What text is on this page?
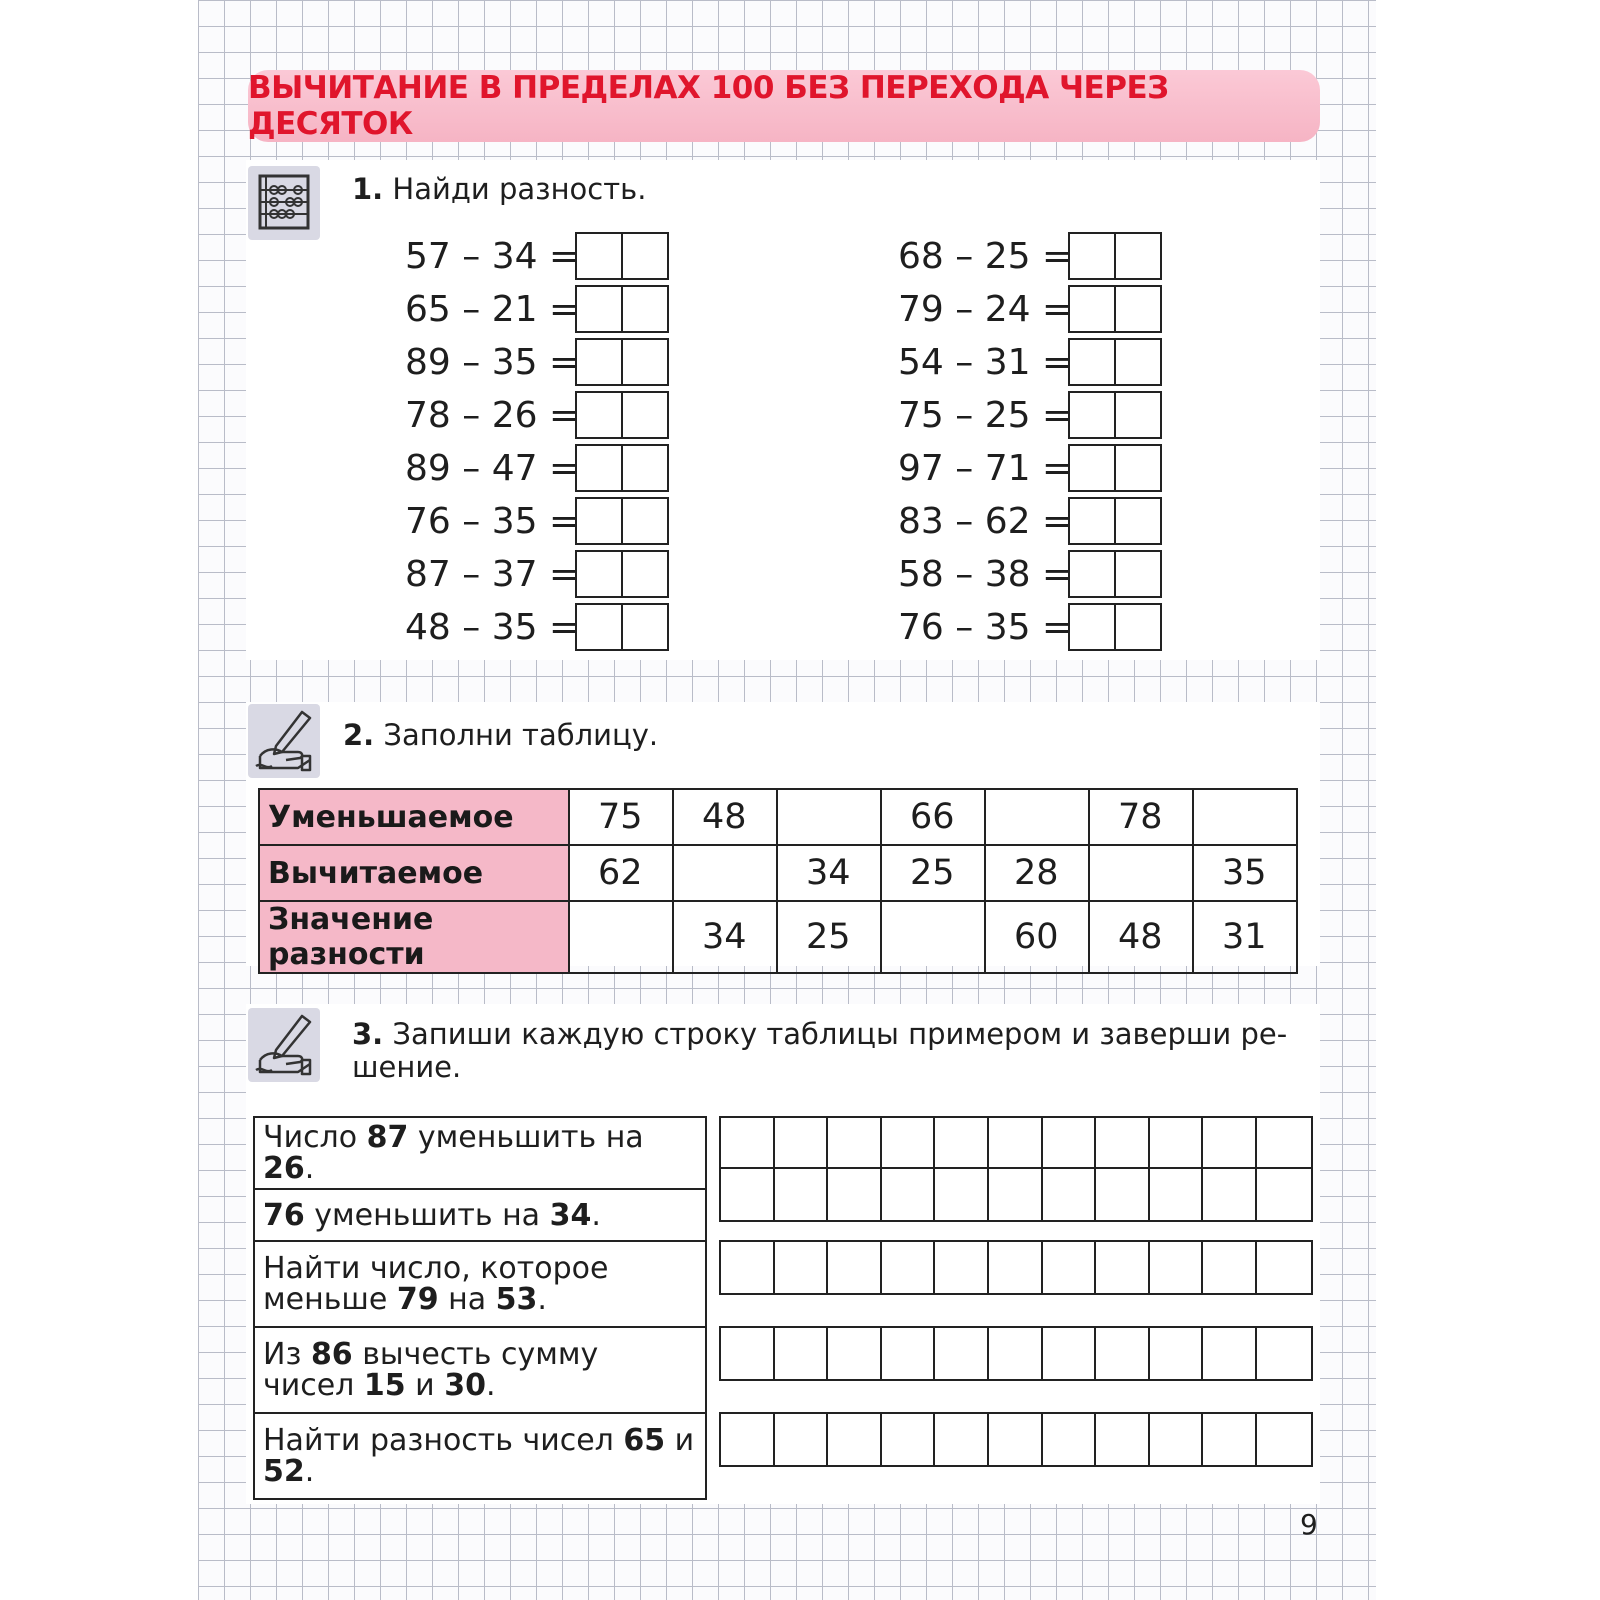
ВЫЧИТАНИЕ В ПРЕДЕЛАХ 100 БЕЗ ПЕРЕХОДА ЧЕРЕЗ ДЕСЯТОК
1. Найди разность.
57 – 34 =
65 – 21 =
89 – 35 =
78 – 26 =
89 – 47 =
76 – 35 =
87 – 37 =
48 – 35 =
68 – 25 =
79 – 24 =
54 – 31 =
75 – 25 =
97 – 71 =
83 – 62 =
58 – 38 =
76 – 35 =
2. Заполни таблицу.
Уменьшаемое	75	48		66		78	
Вычитаемое	62		34	25	28		35
Значение разности		34	25		60	48	31
3. Запиши каждую строку таблицы примером и заверши ре-
шение.
Число 87 уменьшить на 26.
76 уменьшить на 34.
Найти число, которое меньше 79 на 53.
Из 86 вычесть сумму чисел 15 и 30.
Найти разность чисел 65 и 52.
9
